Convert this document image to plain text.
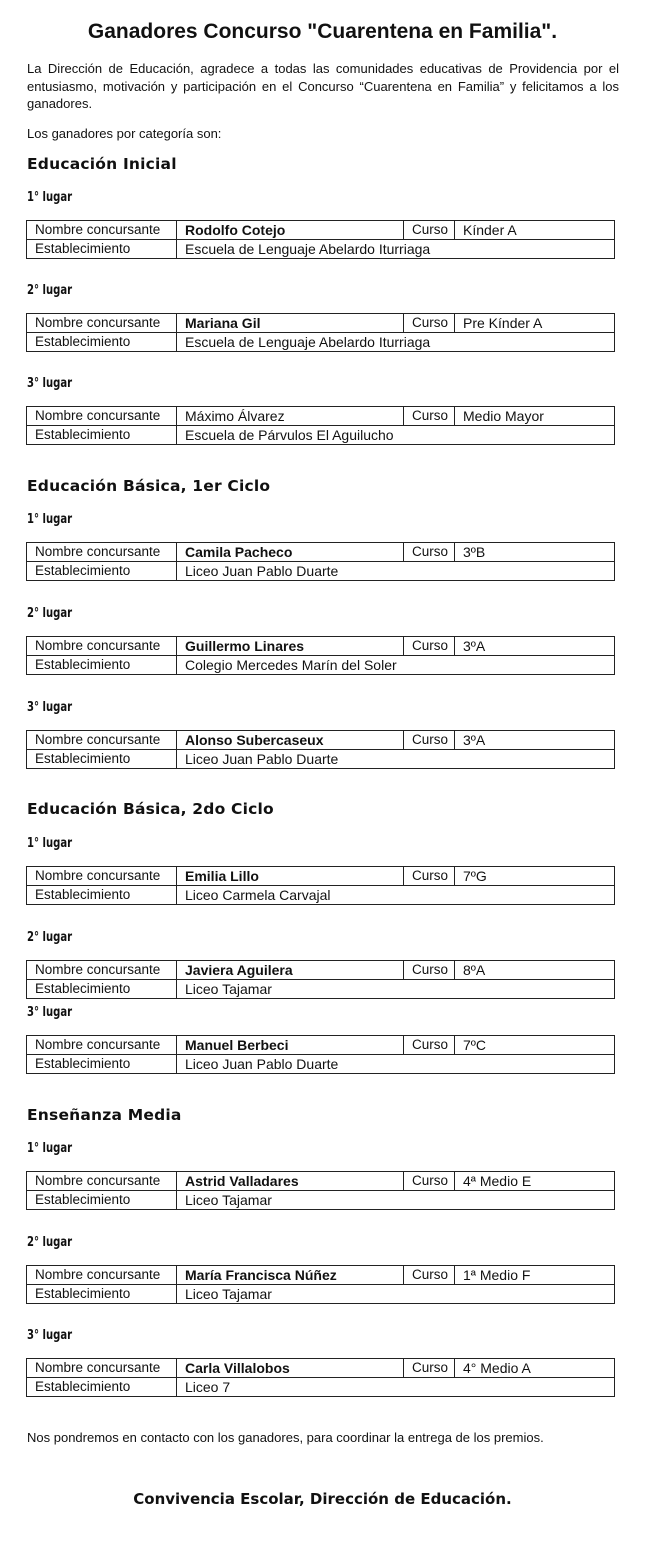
Ganadores Concurso "Cuarentena en Familia".

La Dirección de Educación, agradece a todas las comunidades educativas de Providencia por el entusiasmo, motivación y participación en el Concurso “Cuarentena en Familia” y felicitamos a los ganadores.

Los ganadores por categoría son:

Educación Inicial

1° lugar

Nombre concursante	Rodolfo Cotejo	Curso	Kínder A
Establecimiento	Escuela de Lenguaje Abelardo Iturriaga		

2° lugar

Nombre concursante	Mariana Gil	Curso	Pre Kínder A
Establecimiento	Escuela de Lenguaje Abelardo Iturriaga		

3° lugar

Nombre concursante	Máximo Álvarez	Curso	Medio Mayor
Establecimiento	Escuela de Párvulos El Aguilucho		
Educación Básica, 1er Ciclo

1° lugar

Nombre concursante	Camila Pacheco	Curso	3ºB
Establecimiento	Liceo Juan Pablo Duarte		

2° lugar

Nombre concursante	Guillermo Linares	Curso	3ºA
Establecimiento	Colegio Mercedes Marín del Soler		

3° lugar

Nombre concursante	Alonso Subercaseux	Curso	3ºA
Establecimiento	Liceo Juan Pablo Duarte		
Educación Básica, 2do Ciclo

1° lugar

Nombre concursante	Emilia Lillo	Curso	7ºG
Establecimiento	Liceo Carmela Carvajal		

2° lugar

Nombre concursante	Javiera Aguilera	Curso	8ºA
Establecimiento	Liceo Tajamar		

3° lugar

Nombre concursante	Manuel Berbeci	Curso	7ºC
Establecimiento	Liceo Juan Pablo Duarte		
Enseñanza Media

1° lugar

Nombre concursante	Astrid Valladares	Curso	4ª Medio E
Establecimiento	Liceo Tajamar		

2° lugar

Nombre concursante	María Francisca Núñez	Curso	1ª Medio F
Establecimiento	Liceo Tajamar		

3° lugar

Nombre concursante	Carla Villalobos	Curso	4° Medio A
Establecimiento	Liceo 7		

Nos pondremos en contacto con los ganadores, para coordinar la entrega de los premios.

Convivencia Escolar, Dirección de Educación.
